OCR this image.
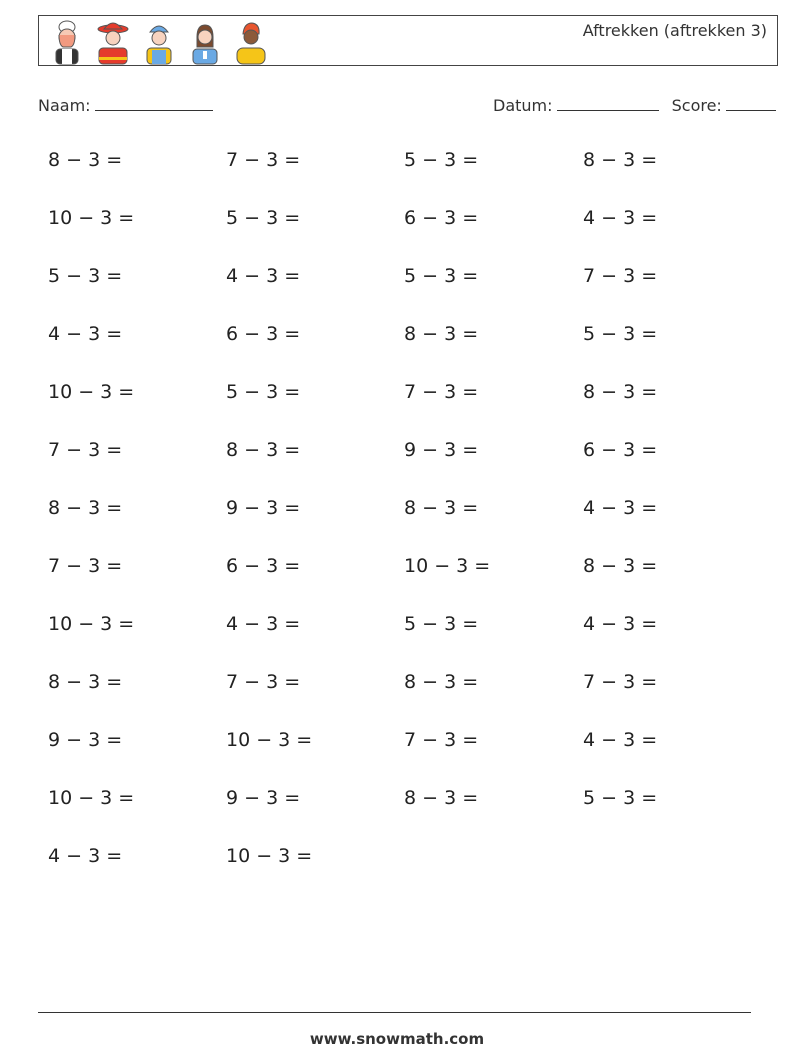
Aftrekken (aftrekken 3)
Naam:	Datum:	Score:
8 − 3 =	7 − 3 =	5 − 3 =	8 − 3 =
10 − 3 =	5 − 3 =	6 − 3 =	4 − 3 =
5 − 3 =	4 − 3 =	5 − 3 =	7 − 3 =
4 − 3 =	6 − 3 =	8 − 3 =	5 − 3 =
10 − 3 =	5 − 3 =	7 − 3 =	8 − 3 =
7 − 3 =	8 − 3 =	9 − 3 =	6 − 3 =
8 − 3 =	9 − 3 =	8 − 3 =	4 − 3 =
7 − 3 =	6 − 3 =	10 − 3 =	8 − 3 =
10 − 3 =	4 − 3 =	5 − 3 =	4 − 3 =
8 − 3 =	7 − 3 =	8 − 3 =	7 − 3 =
9 − 3 =	10 − 3 =	7 − 3 =	4 − 3 =
10 − 3 =	9 − 3 =	8 − 3 =	5 − 3 =
4 − 3 =	10 − 3 =
www.snowmath.com
